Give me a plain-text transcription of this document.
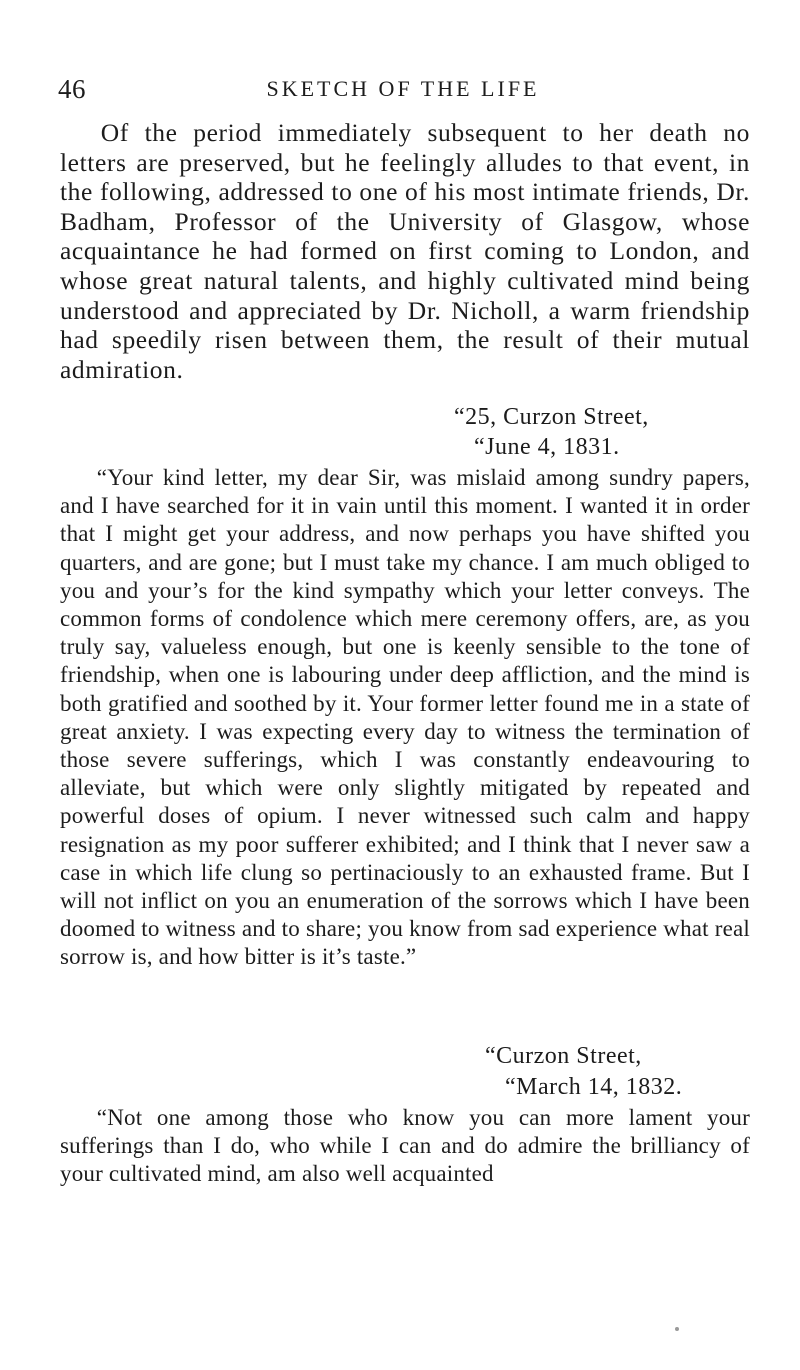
46	SKETCH OF THE LIFE

Of the period immediately subsequent to her death no letters are preserved, but he feelingly alludes to that event, in the following, addressed to one of his most intimate friends, Dr. Badham, Professor of the University of Glasgow, whose acquaintance he had formed on first coming to London, and whose great natural talents, and highly cultivated mind being understood and appreciated by Dr. Nicholl, a warm friendship had speedily risen between them, the result of their mutual admiration.

“25, Curzon Street,
“June 4, 1831.

“Your kind letter, my dear Sir, was mislaid among sundry papers, and I have searched for it in vain until this moment. I wanted it in order that I might get your address, and now perhaps you have shifted you quarters, and are gone; but I must take my chance. I am much obliged to you and your’s for the kind sympathy which your letter conveys. The common forms of condolence which mere ceremony offers, are, as you truly say, valueless enough, but one is keenly sensible to the tone of friendship, when one is labouring under deep affliction, and the mind is both gratified and soothed by it. Your former letter found me in a state of great anxiety. I was expecting every day to witness the termination of those severe sufferings, which I was constantly endeavouring to alleviate, but which were only slightly mitigated by repeated and powerful doses of opium. I never witnessed such calm and happy resignation as my poor sufferer exhibited; and I think that I never saw a case in which life clung so pertinaciously to an exhausted frame. But I will not inflict on you an enumeration of the sorrows which I have been doomed to witness and to share; you know from sad experience what real sorrow is, and how bitter is it’s taste.”

“Curzon Street,
“March 14, 1832.

“Not one among those who know you can more lament your sufferings than I do, who while I can and do admire the brilliancy of your cultivated mind, am also well acquainted
